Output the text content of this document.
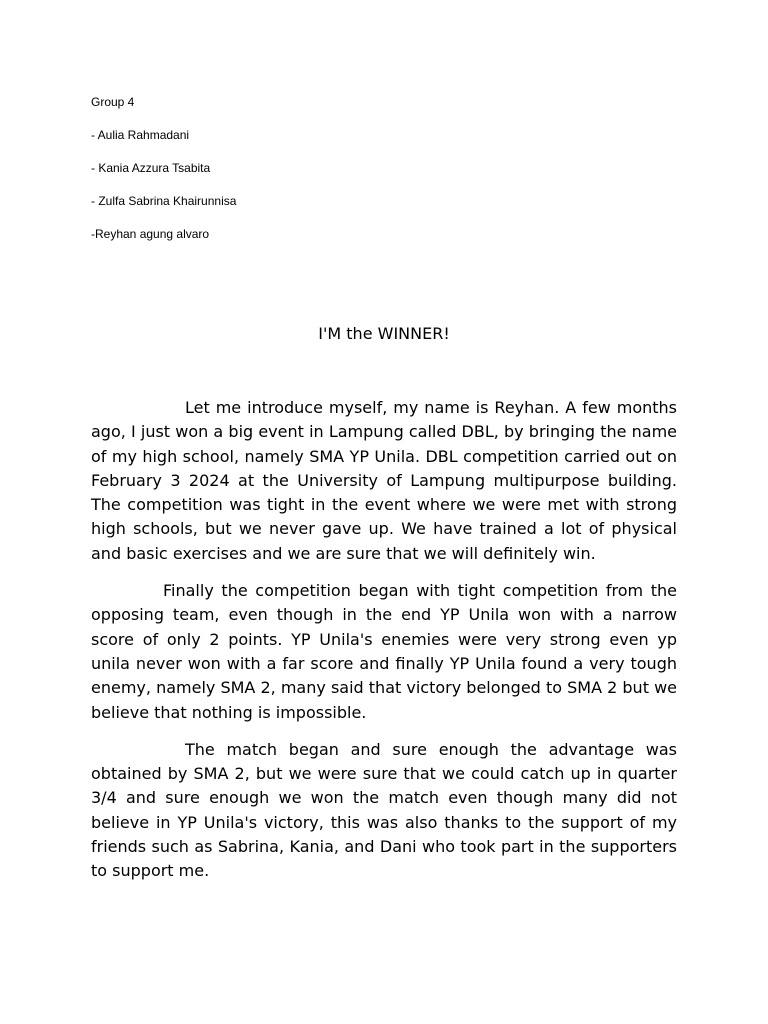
Group 4

- Aulia Rahmadani

- Kania Azzura Tsabita

- Zulfa Sabrina Khairunnisa

-Reyhan agung alvaro

I'M the WINNER!

Let me introduce myself, my name is Reyhan. A few months ago, I just won a big event in Lampung called DBL, by bringing the name of my high school, namely SMA YP Unila. DBL competition carried out on February 3 2024 at the University of Lampung multipurpose building. The competition was tight in the event where we were met with strong high schools, but we never gave up. We have trained a lot of physical and basic exercises and we are sure that we will definitely win.

Finally the competition began with tight competition from the opposing team, even though in the end YP Unila won with a narrow score of only 2 points. YP Unila's enemies were very strong even yp unila never won with a far score and finally YP Unila found a very tough enemy, namely SMA 2, many said that victory belonged to SMA 2 but we believe that nothing is impossible.

The match began and sure enough the advantage was obtained by SMA 2, but we were sure that we could catch up in quarter 3/4 and sure enough we won the match even though many did not believe in YP Unila's victory, this was also thanks to the support of my friends such as Sabrina, Kania, and Dani who took part in the supporters to support me.
